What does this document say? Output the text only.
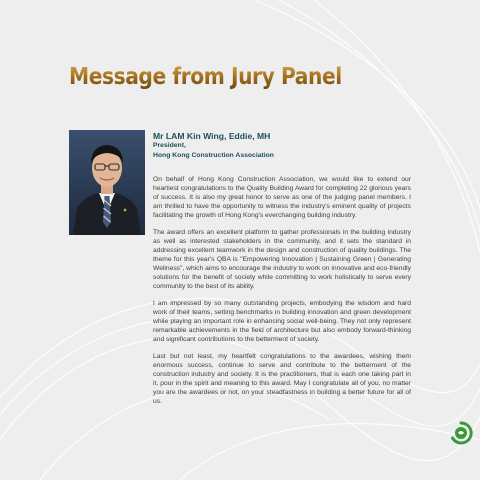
Message from Jury Panel
Mr LAM Kin Wing, Eddie, MH
President,
Hong Kong Construction Association

On behalf of Hong Kong Construction Association, we would like to extend our heartiest congratulations to the Quality Building Award for completing 22 glorious years of success. It is also my great honor to serve as one of the judging panel members. I am thrilled to have the opportunity to witness the industry's eminent quality of projects facilitating the growth of Hong Kong's everchanging building industry.

The award offers an excellent platform to gather professionals in the building industry as well as interested stakeholders in the community, and it sets the standard in addressing excellent teamwork in the design and construction of quality buildings. The theme for this year's QBA is "Empowering Innovation | Sustaining Green | Generating Wellness", which aims to encourage the industry to work on innovative and eco-friendly solutions for the benefit of society while committing to work holistically to serve every community to the best of its ability.

I am impressed by so many outstanding projects, embodying the wisdom and hard work of their teams, setting benchmarks in building innovation and green development while playing an important role in enhancing social well-being. They not only represent remarkable achievements in the field of architecture but also embody forward-thinking and significant contributions to the betterment of society.

Last but not least, my heartfelt congratulations to the awardees, wishing them enormous success, continue to serve and contribute to the betterment of the construction industry and society. It is the practitioners, that is each one taking part in it, pour in the spirit and meaning to this award. May I congratulate all of you, no matter you are the awardees or not, on your steadfastness in building a better future for all of us.
